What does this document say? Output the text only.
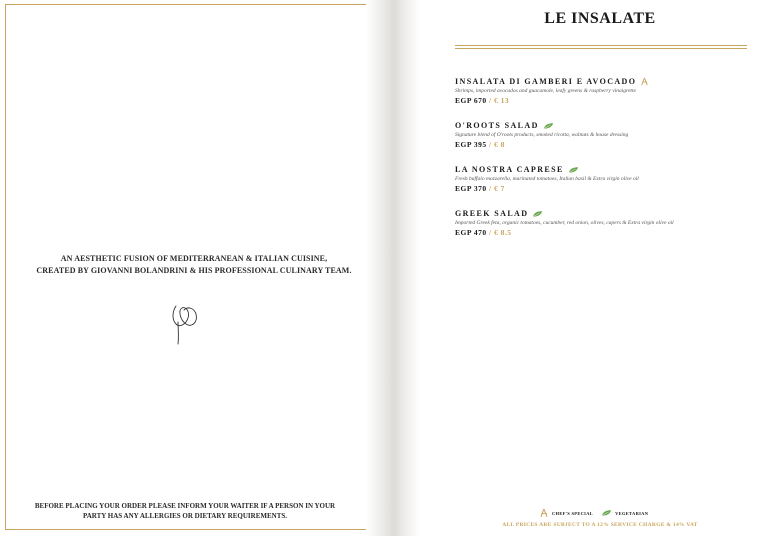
AN AESTHETIC FUSION OF MEDITERRANEAN & ITALIAN CUISINE,
CREATED BY GIOVANNI BOLANDRINI & HIS PROFESSIONAL CULINARY TEAM.
BEFORE PLACING YOUR ORDER PLEASE INFORM YOUR WAITER IF A PERSON IN YOUR
PARTY HAS ANY ALLERGIES OR DIETARY REQUIREMENTS.
LE INSALATE
INSALATA DI GAMBERI E AVOCADO
Shrimps, imported avocados and guacamole, leafy greens & raspberry vinaigrette
EGP 670 / € 13
O'ROOTS SALAD
Signature blend of O'roots products, smoked ricotta, walnuts & house dressing
EGP 395 / € 8
LA NOSTRA CAPRESE
Fresh buffalo mozzarella, marinated tomatoes, Italian basil & Extra virgin olive oil
EGP 370 / € 7
GREEK SALAD
Imported Greek feta, organic tomatoes, cucumber, red onion, olives, capers & Extra virgin olive oil
EGP 470 / € 8.5
CHEF'S SPECIAL	VEGETARIAN
ALL PRICES ARE SUBJECT TO A 12% SERVICE CHARGE & 14% VAT
